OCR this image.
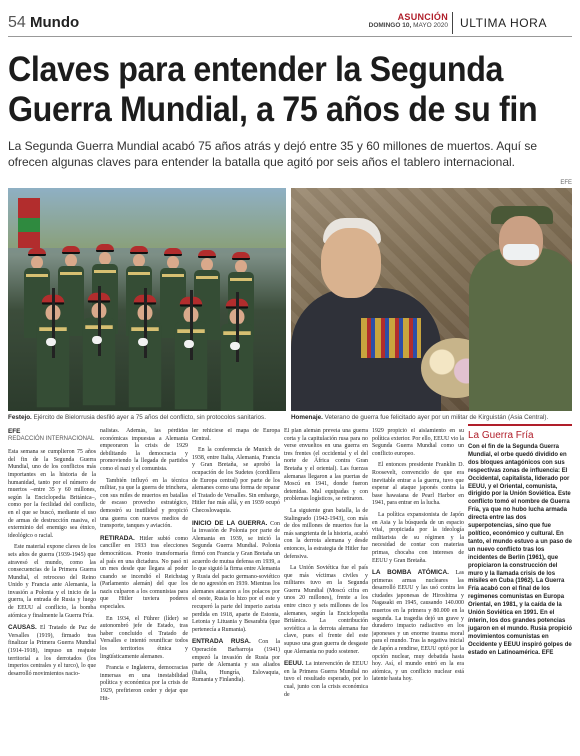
54 Mundo	ASUNCIÓN
DOMINGO 10, MAYO 2020 ULTIMA HORA
Claves para entender la Segunda Guerra Mundial, a 75 años de su fin

La Segunda Guerra Mundial acabó 75 años atrás y dejó entre 35 y 60 millones de muertos. Aquí se ofrecen algunas claves para entender la batalla que agitó por seis años el tablero internacional.

EFE

Festejo. Ejército de Bielorrusia desfiló ayer a 75 años del conflicto, sin protocolos sanitarios.	Homenaje. Veterano de guerra fue felicitado ayer por un militar de Kirguistán (Asia Central).

EFE
REDACCIÓN INTERNACIONAL

Esta semana se cumplieron 75 años del fin de la Segunda Guerra Mundial, uno de los conflictos más importantes en la historia de la humanidad, tanto por el número de muertos –entre 35 y 60 millones, según la Enciclopedia Británica–, como por la fecilidad del conflicto, en el que se buscó, mediante el uso de armas de destrucción masiva, el exterminio del enemigo sea étnico, ideológico o racial.

Este material expone claves de los seis años de guerra (1939-1945) que atravesó el mundo, como las consecuencias de la Primera Guerra Mundial, el retroceso del Reino Unido y Francia ante Alemania, la invasión a Polonia y el inicio de la guerra, la entrada de Rusia y luego de EEUU al conflicto, la bomba atómica y finalmente la Guerra Fría.

CAUSAS. El Tratado de Paz de Versalles (1919), firmado tras finalizar la Primera Guerra Mundial (1914-1918), impuso un reajuste territorial a los derrotados (los imperios centrales y el turco), lo que desarrolló movimientos nacio-

nalistas. Además, las pérdidas económicas impuestas a Alemania empeoraron la crisis de 1929 debilitando la democracia y promoviendo la llegada de partidos como el nazi y el comunista.

También influyó en la técnica militar, ya que la guerra de trinchera, con sus miles de muertos en batallas de escaso provecho estratégico, demostró su inutilidad y propició una guerra con nuevos medios de transporte, tanques y aviación.

RETIRADA. Hitler subió como canciller en 1933 tras elecciones democráticas. Pronto transformaría al país en una dictadura. No pasó ni un mes desde que llegara al poder cuando se incendió el Reichstag (Parlamento alemán) del que los nazis culparon a los comunistas para que Hitler tuviera poderes especiales.

En 1934, el Führer (líder) se autonombró jefe de Estado, tras haber concluido el Tratado de Versalles e intentó reunificar todos los territorios étnica y lingüísticamente alemanes.

Francia e Inglaterra, democracias inmersas en una inestabilidad política y económica por la crisis de 1929, prefirieron ceder y dejar que Hit-

ler rehiciese el mapa de Europa Central.

En la conferencia de Munich de 1938, entre Italia, Alemania, Francia y Gran Bretaña, se aprobó la ocupación de los Sudetes (cordillera de Europa central) por parte de los alemanes como una forma de reparar el Tratado de Versalles. Sin embargo, Hitler fue más allá, y en 1939 ocupó Checoslovaquia.

INICIO DE LA GUERRA. Con la invasión de Polonia por parte de Alemania en 1939, se inició la Segunda Guerra Mundial. Polonia firmó con Francia y Gran Bretaña un acuerdo de mutua defensa en 1939, a lo que siguió la firma entre Alemania y Rusia del pacto germano-soviético de no agresión en 1939. Mientras los alemanes atacaron a los polacos por el oeste, Rusia lo hizo por el este y recuperó la parte del imperio zarista perdida en 1918, aparte de Estonia, Letonia y Lituania y Besarabia (que pertenecía a Rumania).

ENTRADA RUSA. Con la Operación Barbarroja (1941) empezó la invasión de Rusia por parte de Alemania y sus aliados (Italia, Hungría, Eslovaquia, Rumania y Finlandia).

El plan alemán preveía una guerra corta y la capitulación rusa para no verse envueltos en una guerra en tres frentes (el occidental y el del norte de África contra Gran Bretaña y el oriental). Las fuerzas alemanas llegaron a las puertas de Moscú en 1941, donde fueron detenidas. Mal equipadas y con problemas logísticos, se retiraron.

La siguiente gran batalla, la de Stalingrado (1942-1943), con más de dos millones de muertos fue la más sangrienta de la historia, acabó con la derrota alemana y desde entonces, la estrategia de Hitler fue defensiva.

La Unión Soviética fue el país que más víctimas civiles y militares tuvo en la Segunda Guerra Mundial (Moscú cifra en unos 20 millones), frente a los entre cinco y seis millones de los alemanes, según la Enciclopedia Británica. La contribución soviética a la derrota alemana fue clave, pues el frente del este supuso una gran guerra de desgaste que Alemania no pudo sostener.

EEUU. La intervención de EEUU en la Primera Guerra Mundial no tuvo el resultado esperado, por lo cual, junto con la crisis económica de

1929 propició el aislamiento en su política exterior. Por ello, EEUU vio la Segunda Guerra Mundial como un conflicto europeo.

El entonces presidente Franklin D. Roosevelt, convencido de que era inevitable entrar a la guerra, tuvo que esperar al ataque japonés contra la base hawaiana de Pearl Harbor en 1941, para entrar en la lucha.

La política expansionista de Japón en Asia y la búsqueda de un espacio vital, propiciada por la ideología militarista de su régimen y la necesidad de contar con materias primas, chocaba con intereses de EEUU y Gran Bretaña.

LA BOMBA ATÓMICA. Las primeras armas nucleares las desarrolló EEUU y las usó contra las ciudades japonesas de Hiroshima y Nagasaki en 1945, causando 140.000 muertos en la primera y 80.000 en la segunda. La tragedia dejó un grave y duradero impacto radiactivo en los japoneses y un enorme trauma moral para el mundo. Tras la negativa inicial de Japón a rendirse, EEUU optó por la opción nuclear, muy debatida hasta hoy. Así, el mundo entró en la era atómica, y un conflicto nuclear está latente hasta hoy.

La Guerra Fría
Con el fin de la Segunda Guerra Mundial, el orbe quedó dividido en dos bloques antagónicos con sus respectivas zonas de influencia: El Occidental, capitalista, liderado por EEUU, y el Oriental, comunista, dirigido por la Unión Soviética. Este conflicto tomó el nombre de Guerra Fría, ya que no hubo lucha armada directa entre las dos superpotencias, sino que fue político, económico y cultural. En tanto, el mundo estuvo a un paso de un nuevo conflicto tras los incidentes de Berlín (1961), que propiciaron la construcción del muro y la llamada crisis de los misiles en Cuba (1962). La Guerra Fría acabó con el final de los regímenes comunistas en Europa Oriental, en 1981, y la caída de la Unión Soviética en 1991. En el ínterin, los dos grandes potencias jugaron en el mundo. Rusia propició movimientos comunistas en Occidente y EEUU inspiró golpes de estado en Latinoamérica. EFE
